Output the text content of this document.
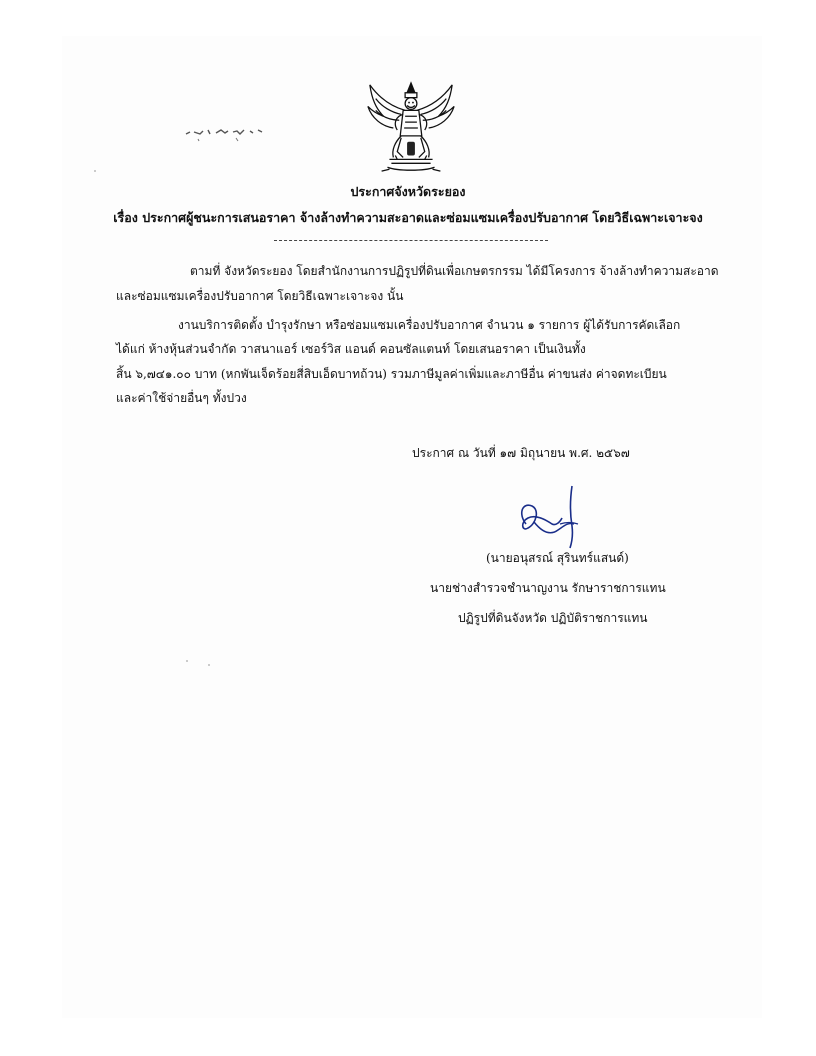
ประกาศจังหวัดระยอง
เรื่อง ประกาศผู้ชนะการเสนอราคา จ้างล้างทำความสะอาดและซ่อมแซมเครื่องปรับอากาศ โดยวิธีเฉพาะเจาะจง
ตามที่ จังหวัดระยอง โดยสำนักงานการปฏิรูปที่ดินเพื่อเกษตรกรรม ได้มีโครงการ จ้างล้างทำความสะอาด
และซ่อมแซมเครื่องปรับอากาศ โดยวิธีเฉพาะเจาะจง นั้น
งานบริการติดตั้ง บำรุงรักษา หรือซ่อมแซมเครื่องปรับอากาศ จำนวน ๑ รายการ ผู้ได้รับการคัดเลือก
ได้แก่ ห้างหุ้นส่วนจำกัด วาสนาแอร์ เซอร์วิส แอนด์ คอนซัลแตนท์ โดยเสนอราคา เป็นเงินทั้ง
สิ้น ๖,๗๔๑.๐๐ บาท (หกพันเจ็ดร้อยสี่สิบเอ็ดบาทถ้วน) รวมภาษีมูลค่าเพิ่มและภาษีอื่น ค่าขนส่ง ค่าจดทะเบียน
และค่าใช้จ่ายอื่นๆ ทั้งปวง
ประกาศ ณ วันที่ ๑๗ มิถุนายน พ.ศ. ๒๕๖๗
(นายอนุสรณ์ สุรินทร์แสนด์)
นายช่างสำรวจชำนาญงาน รักษาราชการแทน
ปฏิรูปที่ดินจังหวัด ปฏิบัติราชการแทน
